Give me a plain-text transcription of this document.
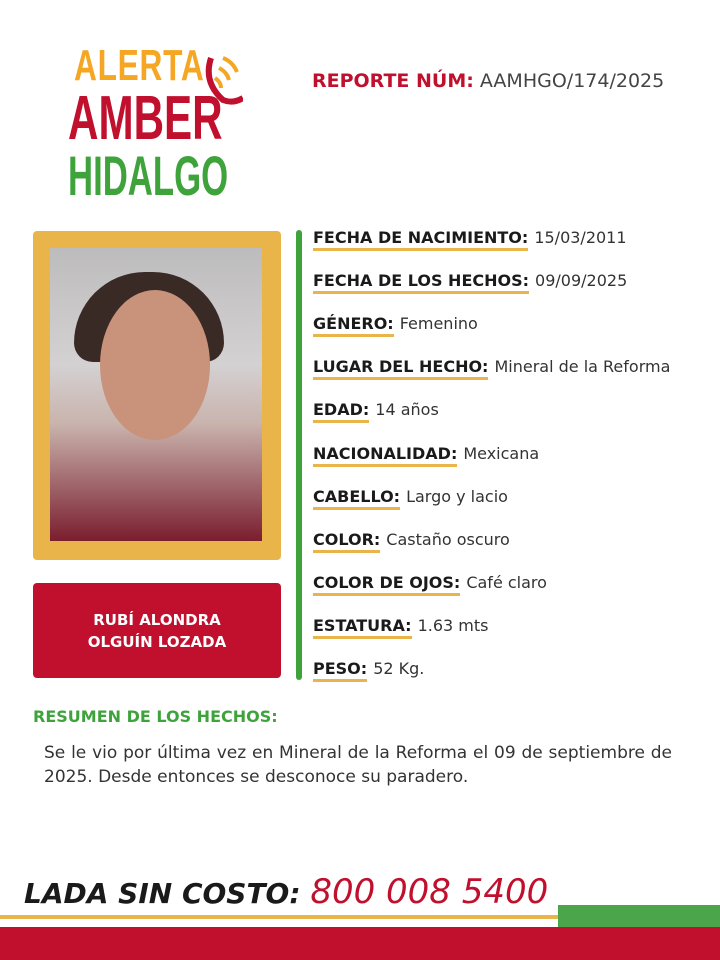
ALERTA
AMBER
HIDALGO
REPORTE NÚM: AAMHGO/174/2025
RUBÍ ALONDRA
OLGUÍN LOZADA
FECHA DE NACIMIENTO: 15/03/2011
FECHA DE LOS HECHOS: 09/09/2025
GÉNERO: Femenino
LUGAR DEL HECHO: Mineral de la Reforma
EDAD: 14 años
NACIONALIDAD: Mexicana
CABELLO: Largo y lacio
COLOR: Castaño oscuro
COLOR DE OJOS: Café claro
ESTATURA: 1.63 mts
PESO: 52 Kg.
RESUMEN DE LOS HECHOS:
Se le vio por última vez en Mineral de la Reforma el 09 de septiembre de 2025. Desde entonces se desconoce su paradero.
LADA SIN COSTO: 800 008 5400
